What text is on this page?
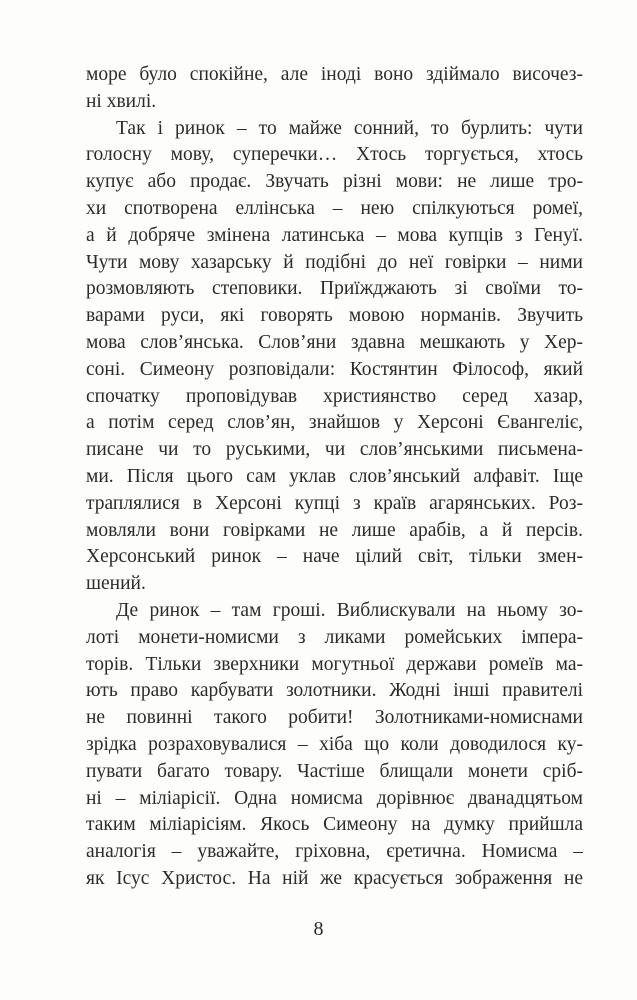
море було спокійне, але іноді воно здіймало височез-
ні хвилі.
Так і ринок – то майже сонний, то бурлить: чути
голосну мову, суперечки… Хтось торгується, хтось
купує або продає. Звучать різні мови: не лише тро-
хи спотворена еллінська – нею спілкуються ромеї,
а й добряче змінена латинська – мова купців з Генуї.
Чути мову хазарську й подібні до неї говірки – ними
розмовляють степовики. Приїжджають зі своїми то-
варами руси, які говорять мовою норманів. Звучить
мова слов’янська. Слов’яни здавна мешкають у Хер-
соні. Симеону розповідали: Костянтин Філософ, який
спочатку проповідував християнство серед хазар,
а потім серед слов’ян, знайшов у Херсоні Євангеліє,
писане чи то руськими, чи слов’янськими письмена-
ми. Після цього сам уклав слов’янський алфавіт. Іще
траплялися в Херсоні купці з країв агарянських. Роз-
мовляли вони говірками не лише арабів, а й персів.
Херсонський ринок – наче цілий світ, тільки змен-
шений.
Де ринок – там гроші. Виблискували на ньому зо-
лоті монети-номисми з ликами ромейських імпера-
торів. Тільки зверхники могутньої держави ромеїв ма-
ють право карбувати золотники. Жодні інші правителі
не повинні такого робити! Золотниками-номиснами
зрідка розраховувалися – хіба що коли доводилося ку-
пувати багато товару. Частіше блищали монети сріб-
ні – міліарісії. Одна номисма дорівнює дванадцятьом
таким міліарісіям. Якось Симеону на думку прийшла
аналогія – уважайте, гріховна, єретична. Номисма –
як Ісус Христос. На ній же красується зображення не
8
